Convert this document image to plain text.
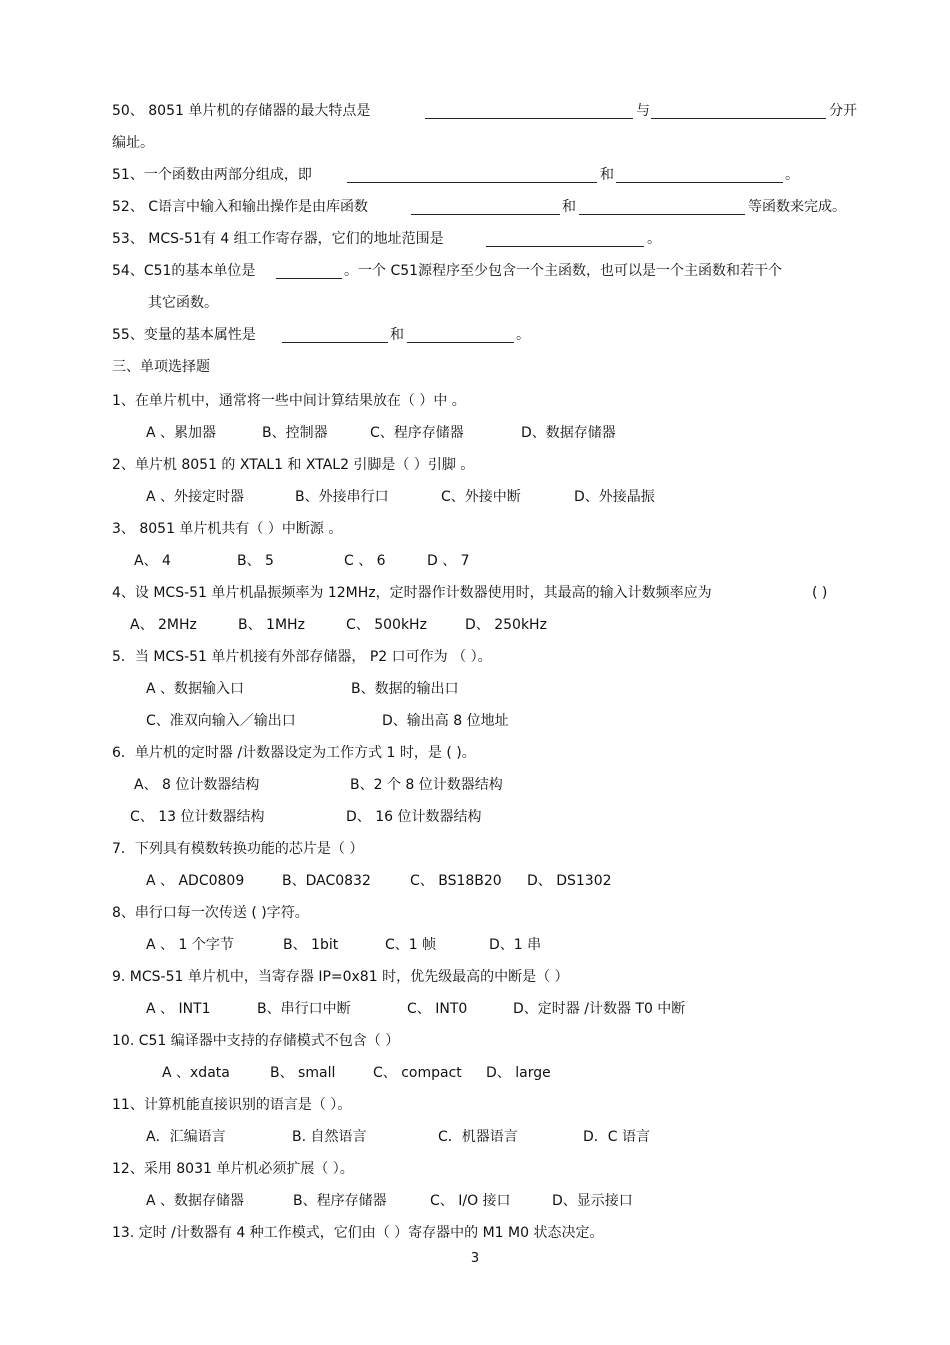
50、 8051 单片机的存储器的最大特点是	与	分开
编址。
51、一个函数由两部分组成，即	和	。
52、 C语言中输入和输出操作是由库函数	和	等函数来完成。
53、 MCS-51有 4 组工作寄存器，它们的地址范围是	。
54、C51的基本单位是	。一个 C51源程序至少包含一个主函数，也可以是一个主函数和若干个
其它函数。
55、变量的基本属性是	和	。
三、单项选择题
1、在单片机中，通常将一些中间计算结果放在（ ）中 。
A 、累加器	B、控制器	C、程序存储器	D、数据存储器
2、单片机 8051 的 XTAL1 和 XTAL2 引脚是（ ）引脚 。
A 、外接定时器	B、外接串行口	C、外接中断	D、外接晶振
3、 8051 单片机共有（ ）中断源 。
A、 4	B、 5	C 、 6	D 、 7
4、设 MCS-51 单片机晶振频率为 12MHz，定时器作计数器使用时，其最高的输入计数频率应为	( )
A、 2MHz	B、 1MHz	C、 500kHz	D、 250kHz
5．当 MCS-51 单片机接有外部存储器， P2 口可作为 （ ）。
A 、数据输入口	B、数据的输出口
C、准双向输入／输出口	D、输出高 8 位地址
6．单片机的定时器 /计数器设定为工作方式 1 时，是 ( )。
A、 8 位计数器结构	B、2 个 8 位计数器结构
C、 13 位计数器结构	D、 16 位计数器结构
7．下列具有模数转换功能的芯片是（ ）
A 、 ADC0809	B、DAC0832	C、 BS18B20 D、 DS1302
8、串行口每一次传送 ( )字符。
A 、 1 个字节	B、 1bit	C、1 帧	D、1 串
9. MCS-51 单片机中，当寄存器 IP=0x81 时，优先级最高的中断是（ ）
A 、 INT1	B、串行口中断	C、 INT0	D、定时器 /计数器 T0 中断
10. C51 编译器中支持的存储模式不包含（ ）
A 、xdata	B、 small	C、 compact D、 large
11、计算机能直接识别的语言是（ ）。
A．汇编语言	B. 自然语言	C．机器语言	D．C 语言
12、采用 8031 单片机必须扩展（ ）。
A 、数据存储器	B、程序存储器	C、 I/O 接口	D、显示接口
13. 定时 /计数器有 4 种工作模式，它们由（ ）寄存器中的 M1 M0 状态决定。
3
